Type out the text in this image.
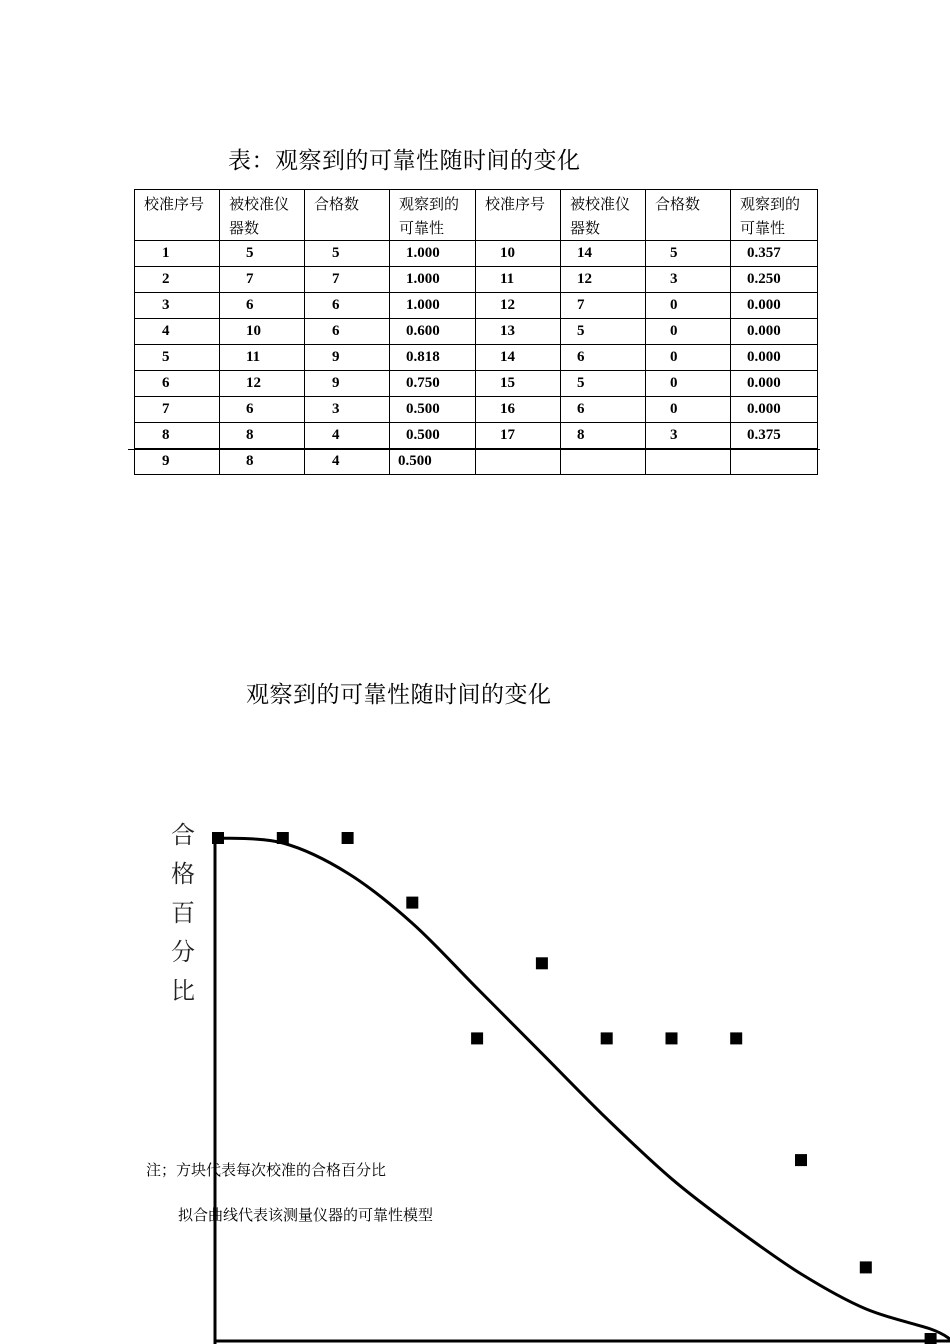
表：观察到的可靠性随时间的变化
校准序号	被校准仪器数	合格数	观察到的可靠性	校准序号	被校准仪器数	合格数	观察到的可靠性
1	5	5	1.000	10	14	5	0.357
2	7	7	1.000	11	12	3	0.250
3	6	6	1.000	12	7	0	0.000
4	10	6	0.600	13	5	0	0.000
5	11	9	0.818	14	6	0	0.000
6	12	9	0.750	15	5	0	0.000
7	6	3	0.500	16	6	0	0.000
8	8	4	0.500	17	8	3	0.375
9	8	4	0.500				
观察到的可靠性随时间的变化
合
格
百
分
比
注；方块代表每次校准的合格百分比
拟合曲线代表该测量仪器的可靠性模型
